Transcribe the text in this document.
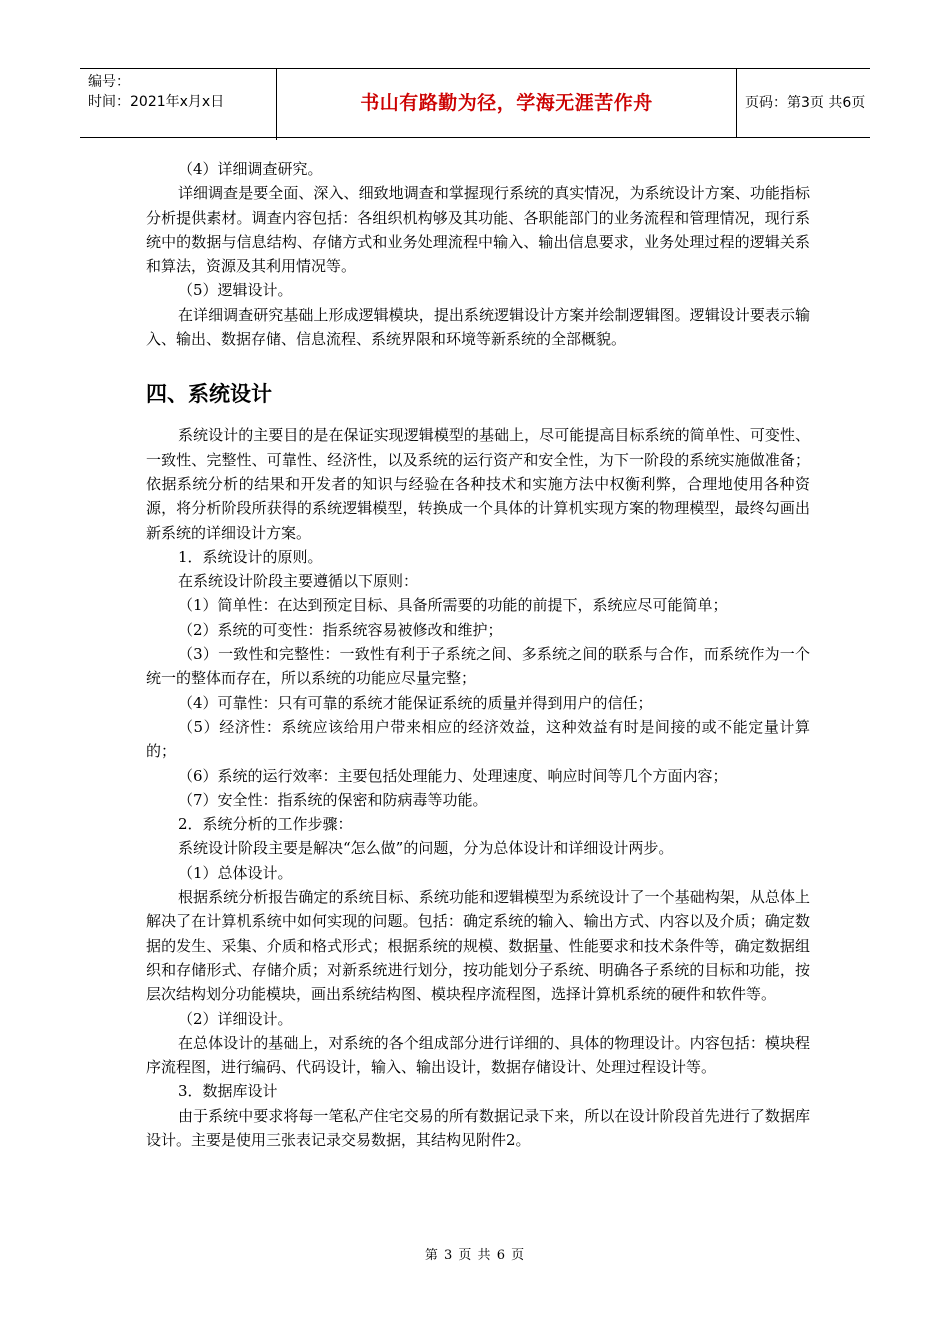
编号：
时间：2021年x月x日	书山有路勤为径，学海无涯苦作舟	页码：第3页 共6页

（4）详细调查研究。

详细调查是要全面、深入、细致地调查和掌握现行系统的真实情况，为系统设计方案、功能指标分析提供素材。调查内容包括：各组织机构够及其功能、各职能部门的业务流程和管理情况，现行系统中的数据与信息结构、存储方式和业务处理流程中输入、输出信息要求，业务处理过程的逻辑关系和算法，资源及其利用情况等。

（5）逻辑设计。

在详细调查研究基础上形成逻辑模块，提出系统逻辑设计方案并绘制逻辑图。逻辑设计要表示输入、输出、数据存储、信息流程、系统界限和环境等新系统的全部概貌。

四、系统设计

系统设计的主要目的是在保证实现逻辑模型的基础上，尽可能提高目标系统的简单性、可变性、一致性、完整性、可靠性、经济性，以及系统的运行资产和安全性，为下一阶段的系统实施做准备；依据系统分析的结果和开发者的知识与经验在各种技术和实施方法中权衡利弊，合理地使用各种资源，将分析阶段所获得的系统逻辑模型，转换成一个具体的计算机实现方案的物理模型，最终勾画出新系统的详细设计方案。

1．系统设计的原则。

在系统设计阶段主要遵循以下原则：

（1）简单性：在达到预定目标、具备所需要的功能的前提下，系统应尽可能简单；

（2）系统的可变性：指系统容易被修改和维护；

（3）一致性和完整性：一致性有利于子系统之间、多系统之间的联系与合作，而系统作为一个统一的整体而存在，所以系统的功能应尽量完整；

（4）可靠性：只有可靠的系统才能保证系统的质量并得到用户的信任；

（5）经济性：系统应该给用户带来相应的经济效益，这种效益有时是间接的或不能定量计算的；

（6）系统的运行效率：主要包括处理能力、处理速度、响应时间等几个方面内容；

（7）安全性：指系统的保密和防病毒等功能。

2．系统分析的工作步骤：

系统设计阶段主要是解决“怎么做”的问题，分为总体设计和详细设计两步。

（1）总体设计。

根据系统分析报告确定的系统目标、系统功能和逻辑模型为系统设计了一个基础构架，从总体上解决了在计算机系统中如何实现的问题。包括：确定系统的输入、输出方式、内容以及介质；确定数据的发生、采集、介质和格式形式；根据系统的规模、数据量、性能要求和技术条件等，确定数据组织和存储形式、存储介质；对新系统进行划分，按功能划分子系统、明确各子系统的目标和功能，按层次结构划分功能模块，画出系统结构图、模块程序流程图，选择计算机系统的硬件和软件等。

（2）详细设计。

在总体设计的基础上，对系统的各个组成部分进行详细的、具体的物理设计。内容包括：模块程序流程图，进行编码、代码设计，输入、输出设计，数据存储设计、处理过程设计等。

3．数据库设计

由于系统中要求将每一笔私产住宅交易的所有数据记录下来，所以在设计阶段首先进行了数据库设计。主要是使用三张表记录交易数据，其结构见附件2。

第 3 页 共 6 页
